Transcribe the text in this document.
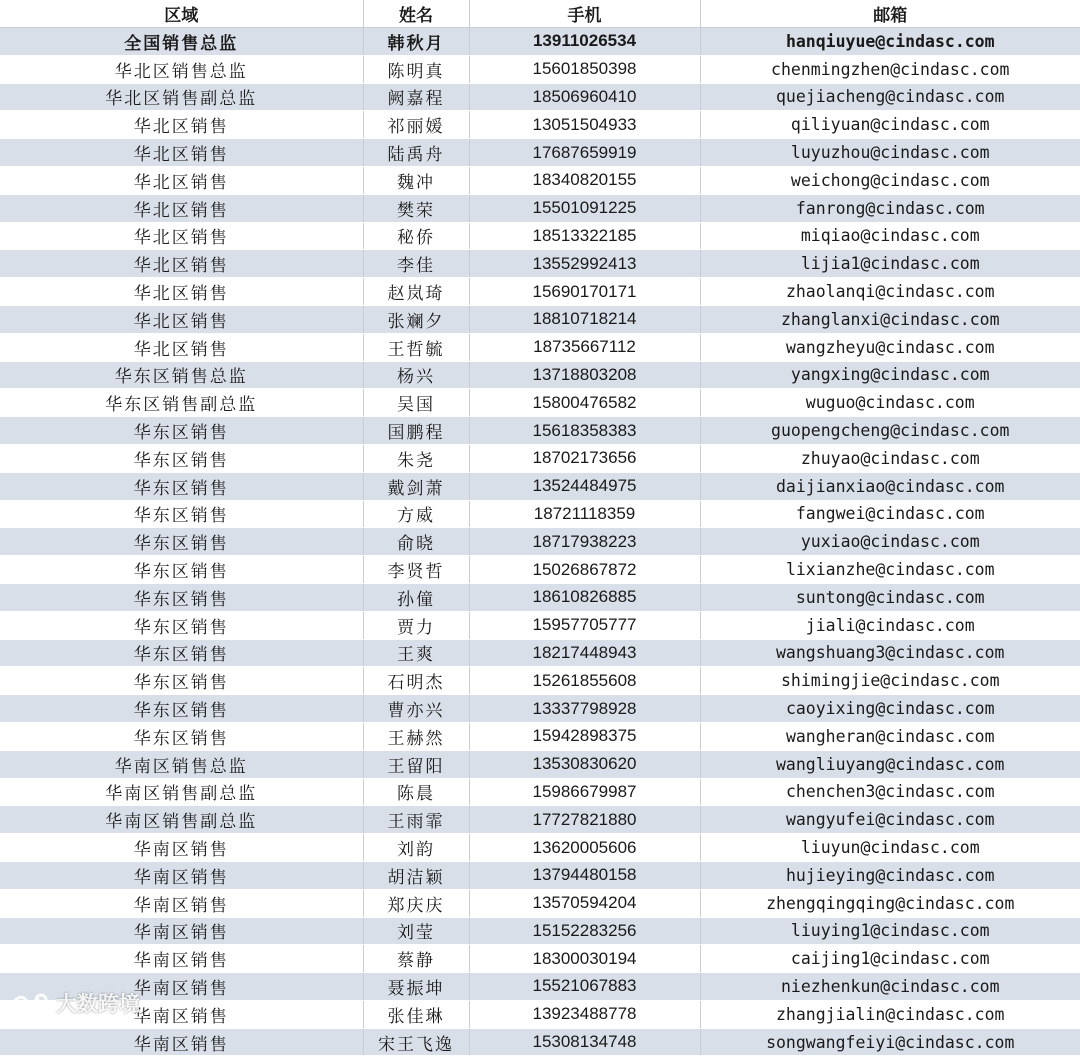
区域	姓名	手机	邮箱
全国销售总监	韩秋月	13911026534	hanqiuyue@cindasc.com
华北区销售总监	陈明真	15601850398	chenmingzhen@cindasc.com
华北区销售副总监	阙嘉程	18506960410	quejiacheng@cindasc.com
华北区销售	祁丽媛	13051504933	qiliyuan@cindasc.com
华北区销售	陆禹舟	17687659919	luyuzhou@cindasc.com
华北区销售	魏冲	18340820155	weichong@cindasc.com
华北区销售	樊荣	15501091225	fanrong@cindasc.com
华北区销售	秘侨	18513322185	miqiao@cindasc.com
华北区销售	李佳	13552992413	lijia1@cindasc.com
华北区销售	赵岚琦	15690170171	zhaolanqi@cindasc.com
华北区销售	张斓夕	18810718214	zhanglanxi@cindasc.com
华北区销售	王哲毓	18735667112	wangzheyu@cindasc.com
华东区销售总监	杨兴	13718803208	yangxing@cindasc.com
华东区销售副总监	吴国	15800476582	wuguo@cindasc.com
华东区销售	国鹏程	15618358383	guopengcheng@cindasc.com
华东区销售	朱尧	18702173656	zhuyao@cindasc.com
华东区销售	戴剑萧	13524484975	daijianxiao@cindasc.com
华东区销售	方威	18721118359	fangwei@cindasc.com
华东区销售	俞晓	18717938223	yuxiao@cindasc.com
华东区销售	李贤哲	15026867872	lixianzhe@cindasc.com
华东区销售	孙僮	18610826885	suntong@cindasc.com
华东区销售	贾力	15957705777	jiali@cindasc.com
华东区销售	王爽	18217448943	wangshuang3@cindasc.com
华东区销售	石明杰	15261855608	shimingjie@cindasc.com
华东区销售	曹亦兴	13337798928	caoyixing@cindasc.com
华东区销售	王赫然	15942898375	wangheran@cindasc.com
华南区销售总监	王留阳	13530830620	wangliuyang@cindasc.com
华南区销售副总监	陈晨	15986679987	chenchen3@cindasc.com
华南区销售副总监	王雨霏	17727821880	wangyufei@cindasc.com
华南区销售	刘韵	13620005606	liuyun@cindasc.com
华南区销售	胡洁颖	13794480158	hujieying@cindasc.com
华南区销售	郑庆庆	13570594204	zhengqingqing@cindasc.com
华南区销售	刘莹	15152283256	liuying1@cindasc.com
华南区销售	蔡静	18300030194	caijing1@cindasc.com
华南区销售	聂振坤	15521067883	niezhenkun@cindasc.com
华南区销售	张佳琳	13923488778	zhangjialin@cindasc.com
华南区销售	宋王飞逸	15308134748	songwangfeiyi@cindasc.com
大数跨境
